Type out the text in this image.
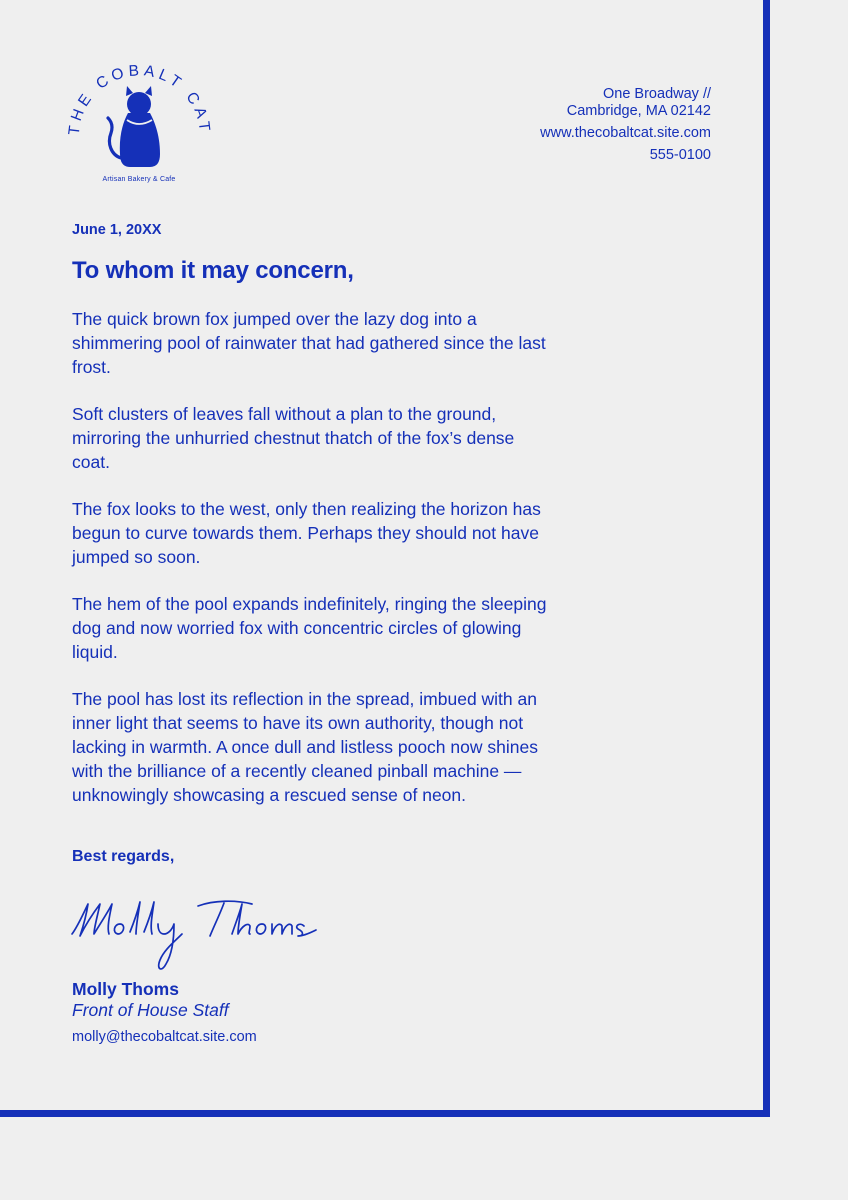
THE COBALT CAT
Artisan Bakery & Cafe
One Broadway //
Cambridge, MA 02142
www.thecobaltcat.site.com
555-0100
June 1, 20XX
To whom it may concern,

The quick brown fox jumped over the lazy dog into a shimmering pool of rainwater that had gathered since the last frost.

Soft clusters of leaves fall without a plan to the ground, mirroring the unhurried chestnut thatch of the fox’s dense coat.

The fox looks to the west, only then realizing the horizon has begun to curve towards them. Perhaps they should not have jumped so soon.

The hem of the pool expands indefinitely, ringing the sleeping dog and now worried fox with concentric circles of glowing liquid.

The pool has lost its reflection in the spread, imbued with an inner light that seems to have its own authority, though not lacking in warmth. A once dull and listless pooch now shines with the brilliance of a recently cleaned pinball machine — unknowingly showcasing a rescued sense of neon.

Best regards,
Molly Thoms
Front of House Staff
molly@thecobaltcat.site.com
